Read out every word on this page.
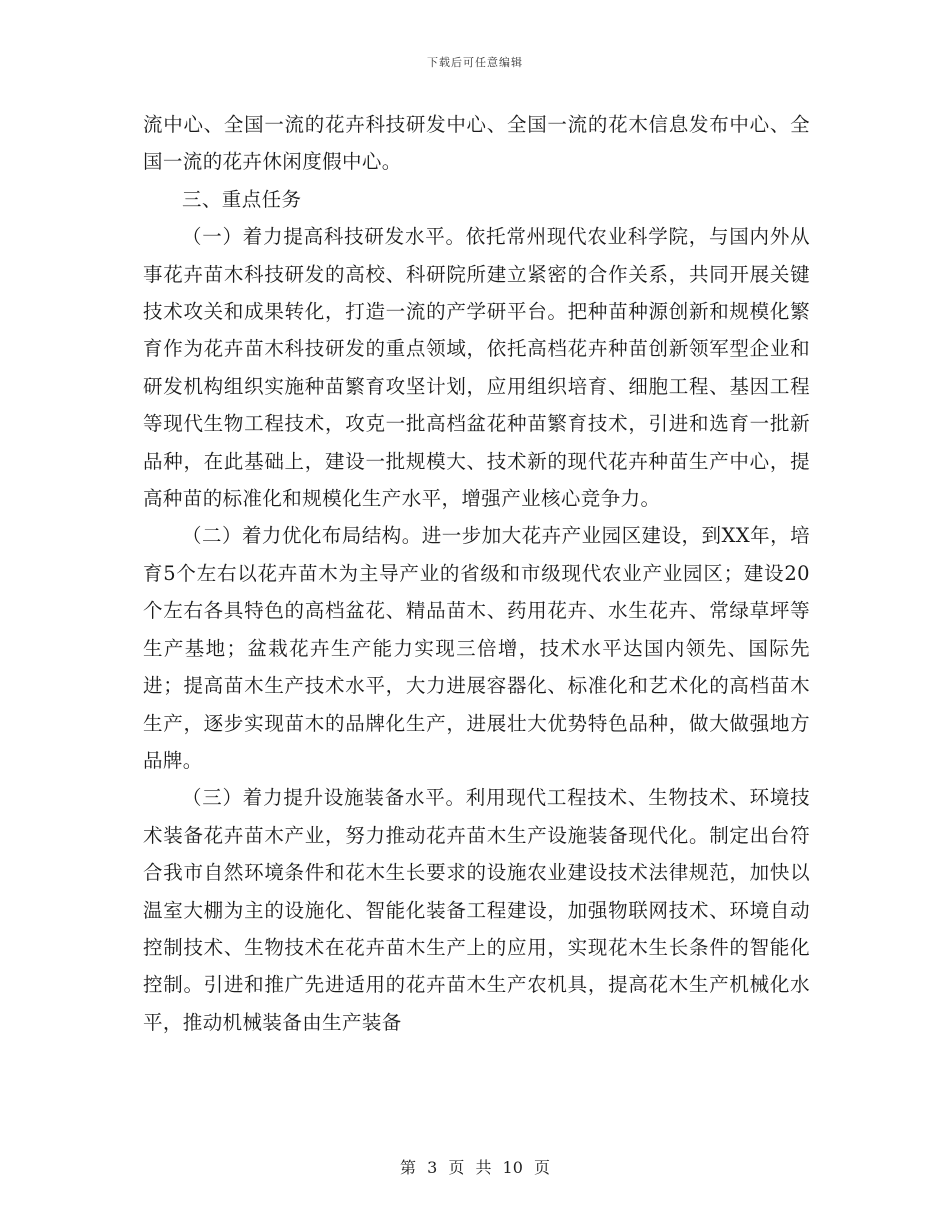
下载后可任意编辑

流中心、全国一流的花卉科技研发中心、全国一流的花木信息发布中心、全国一流的花卉休闲度假中心。

三、重点任务

（一）着力提高科技研发水平。依托常州现代农业科学院，与国内外从事花卉苗木科技研发的高校、科研院所建立紧密的合作关系，共同开展关键技术攻关和成果转化，打造一流的产学研平台。把种苗种源创新和规模化繁育作为花卉苗木科技研发的重点领域，依托高档花卉种苗创新领军型企业和研发机构组织实施种苗繁育攻坚计划，应用组织培育、细胞工程、基因工程等现代生物工程技术，攻克一批高档盆花种苗繁育技术，引进和选育一批新品种，在此基础上，建设一批规模大、技术新的现代花卉种苗生产中心，提高种苗的标准化和规模化生产水平，增强产业核心竞争力。

（二）着力优化布局结构。进一步加大花卉产业园区建设，到XX年，培育5个左右以花卉苗木为主导产业的省级和市级现代农业产业园区；建设20个左右各具特色的高档盆花、精品苗木、药用花卉、水生花卉、常绿草坪等生产基地；盆栽花卉生产能力实现三倍增，技术水平达国内领先、国际先进；提高苗木生产技术水平，大力进展容器化、标准化和艺术化的高档苗木生产，逐步实现苗木的品牌化生产，进展壮大优势特色品种，做大做强地方品牌。

（三）着力提升设施装备水平。利用现代工程技术、生物技术、环境技术装备花卉苗木产业，努力推动花卉苗木生产设施装备现代化。制定出台符合我市自然环境条件和花木生长要求的设施农业建设技术法律规范，加快以温室大棚为主的设施化、智能化装备工程建设，加强物联网技术、环境自动控制技术、生物技术在花卉苗木生产上的应用，实现花木生长条件的智能化控制。引进和推广先进适用的花卉苗木生产农机具，提高花木生产机械化水平，推动机械装备由生产装备

第 3 页 共 10 页
